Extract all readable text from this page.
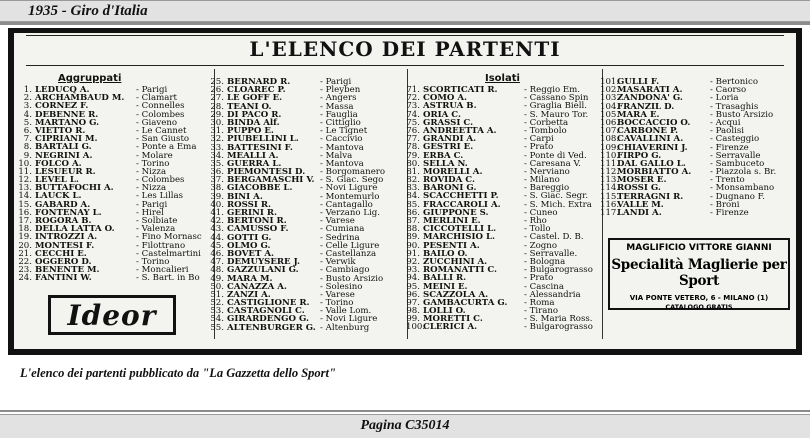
1935 - Giro d'Italia
L'ELENCO DEI PARTENTI
Aggruppati	Isolati
1. LEDUCQ A.	- Parigi
2. ARCHAMBAUD M. - Clamart
3. CORNEZ F.	- Connelles
4. DEBENNE R.	- Colombes
5. MARTANO G.	- Giaveno
6. VIETTO R.	- Le Cannet
7. CIPRIANI M.	- San Giusto
8. BARTALI G.	- Ponte a Ema
9. NEGRINI A.	- Molare
10. FOLCO A.	- Torino
11. LESUEUR R.	- Nizza
12. LEVEL L.	- Colombes
13. BUTTAFOCHI A.	- Nizza
14. LAUCK L.	- Les Lillas
15. GABARD A.	- Parigi
16. FONTENAY L.	- Hirel
17. ROGORA B.	- Solbiate
18. DELLA LATTA O. - Valenza
19. INTROZZI A.	- Fino Mornasc
20. MONTESI F.	- Filottrano
21. CECCHI E.	- Castelmartini
22. OGGERO D.	- Torino
23. BENENTE M.	- Moncalieri
24. FANTINI W.	- S. Bart. in Bo
25. BERNARD R.	- Parigi
26. CLOAREC P.	- Pleyben
27. LE GOFF E.	- Angers
28. TEANI O.	- Massa
29. DI PACO R.	- Fauglia
30. BINDA Alf.	- Cittiglio
31. PUPPO E.	- Le Tignet
32. PIUBELLINI L. - Caccivio
33. BATTESINI F.	- Mantova
34. MEALLI A.	- Malva
35. GUERRA L.	- Mantova
36. PIEMONTESI D. - Borgomanero
37. BERGAMASCHI V. - S. Giac. Sego
38. GIACOBBE L.	- Novi Ligure
39. BINI A.	- Montemurlo
40. ROSSI R.	- Cantagallo
41. GERINI R.	- Verzano Lig.
42. BERTONI R.	- Varese
43. CAMUSSO F.	- Cumiana
44. GOTTI G.	- Sedrina
45. OLMO G.	- Celle Ligure
46. BOVET A.	- Castellanza
47. DEMUYSERE J. - Verwik
48. GAZZULANI G. - Cambiago
49. MARA M.	- Busto Arsizio
50. CANAZZA A.	- Solesino
51. ZANZI A.	- Varese
52. CASTIGLIONE R. - Torino
53. CASTAGNOLI C. - Valle Lom.
54. GIRARDENGO G. - Novi Ligure
55. ALTENBURGER G. - Altenburg
71. SCORTICATI R.	- Reggio Em.
72. COMO A.	- Cassano Spin
73. ASTRUA B.	- Graglia Biell.
74. ORIA C.	- S. Mauro Tor.
75. GRASSI C.	- Corbetta
76. ANDREETTA A.	- Tombolo
77. GRANDI A.	- Carpi
78. GESTRI E.	- Prato
79. ERBA C.	- Ponte di Ved.
80. SELLA N.	- Caresana V.
81. MORELLI A.	- Nerviano
82. ROVIDA C.	- Milano
83. BARONI G.	- Bareggio
84. SCACCHETTI P.	- S. Giac. Segr.
85. FRACCAROLI A.	- S. Mich. Extra
86. GIUPPONE S.	- Cuneo
87. MERLINI E.	- Rho
88. CICCOTELLI L.	- Tollo
89. MARCHISIO L.	- Castel. D. B.
90. PESENTI A.	- Zogno
91. BAILO O.	- Serravalle.
92. ZUCCHINI A.	- Bologna
93. ROMANATTI C.	- Bulgarograsso
94. BALLI R.	- Prato
95. MEINI E.	- Cascina
96. SCAZZOLA A.	- Alessandria
97. GAMBACURTA G. - Roma
98. LOLLI O.	- Tirano
99. MORETTI C.	- S. Maria Ross.
100.CLERICI A.	- Bulgarograsso
101.GULLI F.	- Bertonico
102.MASARATI A.	- Caorso
103.ZANDONA' G.	- Loria
104.FRANZIL D.	- Trasaghis
105.MARA E.	- Busto Arsizio
106.BOCCACCIO O. - Acqui
107.CARBONE P.	- Paolisi
108.CAVALLINI A.	- Casteggio
109.CHIAVERINI J.	- Firenze
110.FIRPO G.	- Serravalle
111.DAL GALLO L.	- Sambuceto
112.MORBIATTO A. - Piazzola s. Br.
113.MOSER E.	- Trento
114.ROSSI G.	- Monsambano
115.TERRAGNI R.	- Dugnano F.
116.VALLE M.	- Broni
117.LANDI A.	- Firenze
Ideor
MAGLIFICIO VITTORE GIANNI
Specialità Maglierie per Sport
VIA PONTE VETERO, 6 - MILANO (1)
CATALOGO GRATIS
L'elenco dei partenti pubblicato da "La Gazzetta dello Sport"
Pagina C35014
